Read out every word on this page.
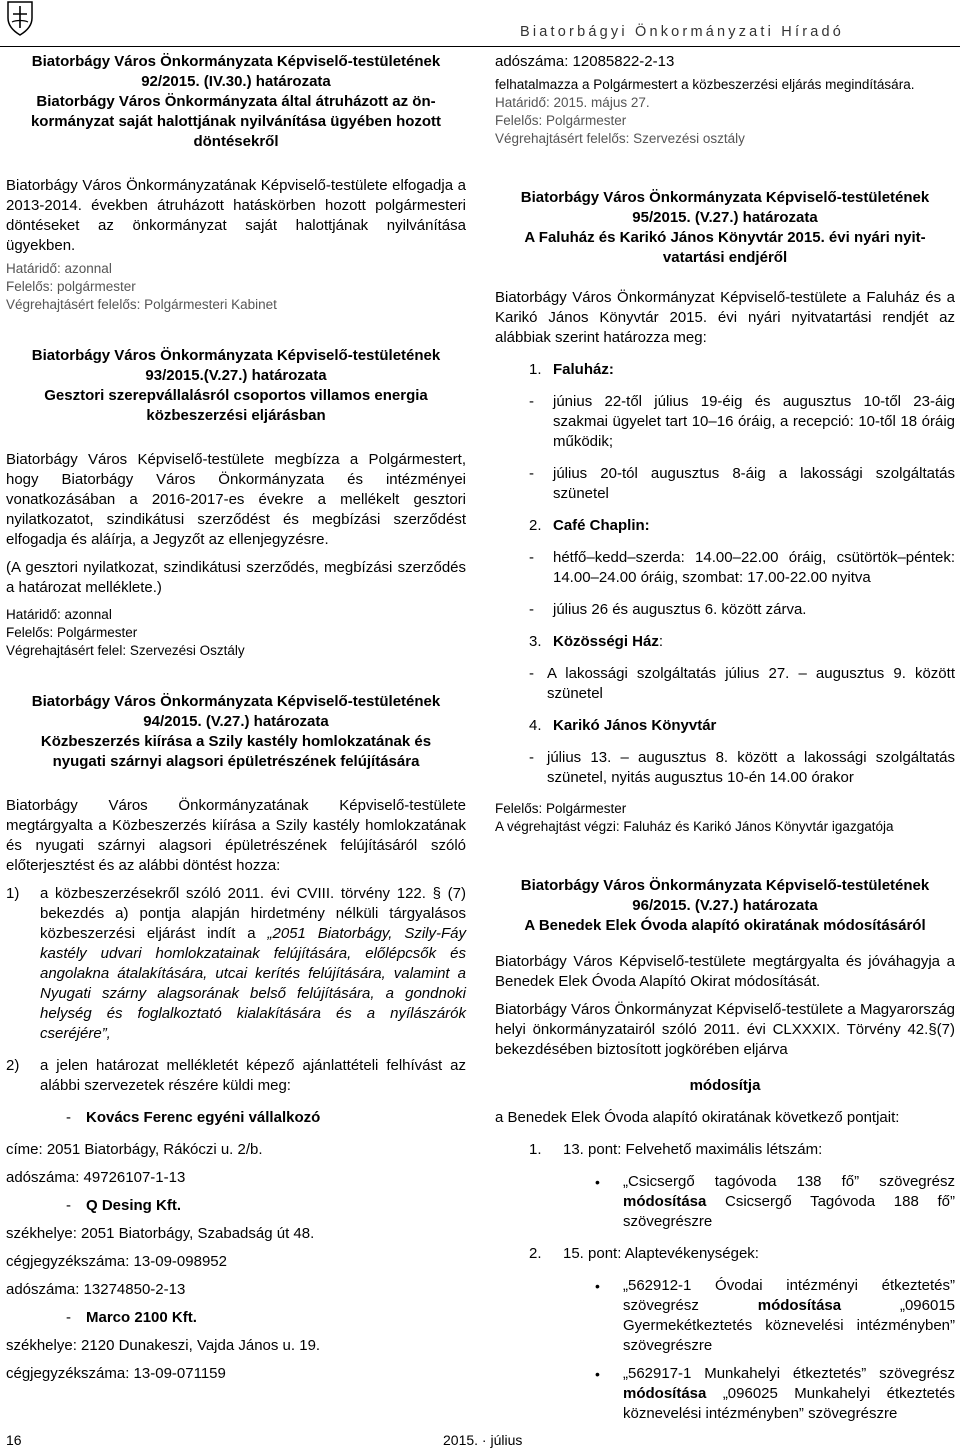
Biatorbágyi Önkormányzati Híradó

Biatorbágy Város Önkormányzata Képviselő-testületének

92/2015. (IV.30.) határozata

Biatorbágy Város Önkormányzata által átruházott az ön-

kormányzat saját halottjának nyilvánítása ügyében hozott

döntésekről

Biatorbágy Város Önkormányzatának Képviselő-testülete elfogadja a 2013-2014. években átruházott hatáskörben hozott polgármesteri döntéseket az önkormányzat saját halottjának nyilvánítása ügyekben.

Határidő: azonnal

Felelős: polgármester

Végrehajtásért felelős: Polgármesteri Kabinet

Biatorbágy Város Önkormányzata Képviselő-testületének

93/2015.(V.27.) határozata

Gesztori szerepvállalásról csoportos villamos energia

közbeszerzési eljárásban

Biatorbágy Város Képviselő-testülete megbízza a Polgármestert, hogy Biatorbágy Város Önkormányzata és intézményei vonatkozásában a 2016-2017-es évekre a mellékelt gesztori nyilatkozatot, szindikátusi szerződést és megbízási szerződést elfogadja és aláírja, a Jegyzőt az ellenjegyzésre.

(A gesztori nyilatkozat, szindikátusi szerződés, megbízási szerződés a határozat melléklete.)

Határidő: azonnal

Felelős: Polgármester

Végrehajtásért felel: Szervezési Osztály

Biatorbágy Város Önkormányzata Képviselő-testületének

94/2015. (V.27.) határozata

Közbeszerzés kiírása a Szily kastély homlokzatának és

nyugati szárnyi alagsori épületrészének felújítására

Biatorbágy Város Önkormányzatának Képviselő-testülete megtárgyalta a Közbeszerzés kiírása a Szily kastély homlokzatának és nyugati szárnyi alagsori épületrészének felújításáról szóló előterjesztést és az alábbi döntést hozza:

1)	a közbeszerzésekről szóló 2011. évi CVIII. törvény 122. § (7) bekezdés a) pontja alapján hirdetmény nélküli tárgyalásos közbeszerzési eljárást indít a „2051 Biatorbágy, Szily-Fáy kastély udvari homlokzatainak felújítására, előlépcsők és angolakna átalakítására, utcai kerítés felújítására, valamint a Nyugati szárny alagsorának belső felújítására, a gondnoki helység és foglalkoztató kialakítására és a nyílászárók cseréjére”,
2)	a jelen határozat mellékletét képező ajánlattételi felhívást az alábbi szervezetek részére küldi meg:
-	Kovács Ferenc egyéni vállalkozó

címe: 2051 Biatorbágy, Rákóczi u. 2/b.

adószáma: 49726107-1-13

-	Q Desing Kft.

székhelye: 2051 Biatorbágy, Szabadság út 48.

cégjegyzékszáma: 13-09-098952

adószáma: 13274850-2-13

-	Marco 2100 Kft.

székhelye: 2120 Dunakeszi, Vajda János u. 19.

cégjegyzékszáma: 13-09-071159

adószáma: 12085822-2-13

felhatalmazza a Polgármestert a közbeszerzési eljárás megindítására.

Határidő: 2015. május 27.

Felelős: Polgármester

Végrehajtásért felelős: Szervezési osztály

Biatorbágy Város Önkormányzata Képviselő-testületének

95/2015. (V.27.) határozata

A Faluház és Karikó János Könyvtár 2015. évi nyári nyit-

vatartási endjéről

Biatorbágy Város Önkormányzat Képviselő-testülete a Faluház és a Karikó János Könyvtár 2015. évi nyári nyitvatartási rendjét az alábbiak szerint határozza meg:

1. Faluház:
-	június 22-től július 19-éig és augusztus 10-től 23-áig szakmai ügyelet tart 10–16 óráig, a recepció: 10-től 18 óráig működik;
-	július 20-tól augusztus 8-áig a lakossági szolgáltatás szünetel
2. Café Chaplin:
-	hétfő–kedd–szerda: 14.00–22.00 óráig, csütörtök–péntek: 14.00–24.00 óráig, szombat: 17.00-22.00 nyitva
-	július 26 és augusztus 6. között zárva.
3. Közösségi Ház:
- A lakossági szolgáltatás július 27. – augusztus 9. között szünetel
4. Karikó János Könyvtár
- július 13. – augusztus 8. között a lakossági szolgáltatás szünetel, nyitás augusztus 10-én 14.00 órakor

Felelős: Polgármester

A végrehajtást végzi: Faluház és Karikó János Könyvtár igazgatója

Biatorbágy Város Önkormányzata Képviselő-testületének

96/2015. (V.27.) határozata

A Benedek Elek Óvoda alapító okiratának módosításáról

Biatorbágy Város Képviselő-testülete megtárgyalta és jóváhagyja a Benedek Elek Óvoda Alapító Okirat módosítását.

Biatorbágy Város Önkormányzat Képviselő-testülete a Magyarország helyi önkormányzatairól szóló 2011. évi CLXXXIX. Törvény 42.§(7) bekezdésében biztosított jogkörében eljárva

módosítja

a Benedek Elek Óvoda alapító okiratának következő pontjait:

1.	13. pont: Felvehető maximális létszám:
•	„Csicsergő tagóvoda 138 fő” szövegrész módosítása Csicsergő Tagóvoda 188 fő” szövegrészre
2.	15. pont: Alaptevékenységek:
•	„562912-1 Óvodai intézményi étkeztetés” szövegrész	módosítása	„096015 Gyermekétkeztetés köznevelési intézményben” szövegrészre
•	„562917-1 Munkahelyi étkeztetés” szövegrész módosítása „096025 Munkahelyi étkeztetés köznevelési intézményben” szövegrészre
16	2015. · július
